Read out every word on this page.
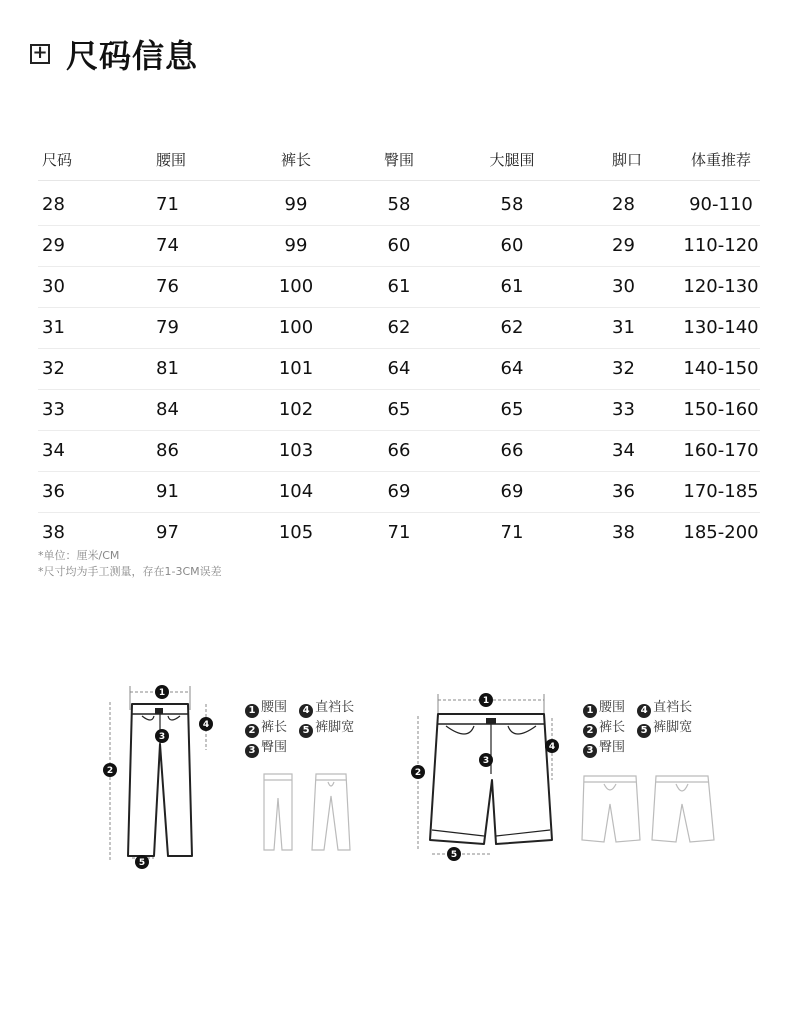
+ 尺码信息
尺码	腰围	裤长	臀围	大腿围	脚口	体重推荐
28	71	99	58	58	28	90-110
29	74	99	60	60	29	110-120
30	76	100	61	61	30	120-130
31	79	100	62	62	31	130-140
32	81	101	64	64	32	140-150
33	84	102	65	65	33	150-160
34	86	103	66	66	34	160-170
36	91	104	69	69	36	170-185
38	97	105	71	71	38	185-200
*单位：厘米/CM
*尺寸均为手工测量，存在1-3CM误差
1
3
4
2
5
1 腰围 4 直裆长
2 裤长 5 裤脚宽
3 臀围
1
3
4
2
5
1 腰围 4 直裆长
2 裤长 5 裤脚宽
3 臀围
